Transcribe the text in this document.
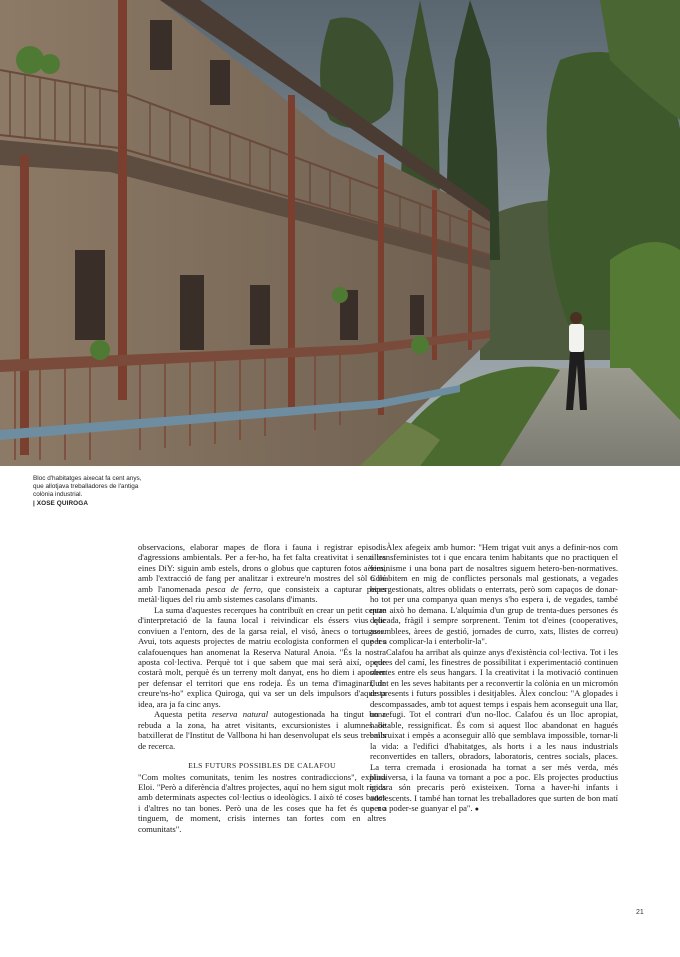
Bloc d'habitatges aixecat fa cent anys, que allotjava treballadores de l'antiga colònia industrial.
| XOSE QUIROGA

observacions, elaborar mapes de flora i fauna i registrar episodis d'agressions ambientals. Per a fer-ho, ha fet falta creativitat i senzilles eines DiY: siguin amb estels, drons o globus que capturen fotos aèries, amb l'extracció de fang per analitzar i extreure'n mostres del sòl o bé amb l'anomenada pesca de ferro, que consisteix a capturar peces metàl·liques del riu amb sistemes casolans d'imants.

La suma d'aquestes recerques ha contribuït en crear un petit centre d'interpretació de la fauna local i reivindicar els éssers vius que conviuen a l'entorn, des de la garsa reial, el visó, ànecs o tortugues. Avui, tots aquests projectes de matriu ecologista conformen el que les calafouenques han anomenat la Reserva Natural Anoia. "És la nostra aposta col·lectiva. Perquè tot i que sabem que mai serà així, o que costarà molt, perquè és un terreny molt danyat, ens ho diem i apostem per defensar el territori que ens rodeja. És un tema d'imaginari, de creure'ns-ho" explica Quiroga, qui va ser un dels impulsors d'aquesta idea, ara ja fa cinc anys.

Aquesta petita reserva natural autogestionada ha tingut bona rebuda a la zona, ha atret visitants, excursionistes i alumnes de batxillerat de l'Institut de Vallbona hi han desenvolupat els seus treballs de recerca.

ELS FUTURS POSSIBLES DE CALAFOU

"Com moltes comunitats, tenim les nostres contradiccions", explica Eloi. "Però a diferència d'altres projectes, aquí no hem sigut molt rígids amb determinats aspectes col·lectius o ideològics. I això té coses bones i d'altres no tan bones. Però una de les coses que ha fet és que no tinguem, de moment, crisis internes tan fortes com en altres comunitats".

Àlex afegeix amb humor: "Hem trigat vuit anys a definir-nos com a transfeministes tot i que encara tenim habitants que no practiquen el feminisme i una bona part de nosaltres siguem hetero-ben-normatives. Cohabitem en mig de conflictes personals mal gestionats, a vegades hipergestionats, altres oblidats o enterrats, però som capaços de donar-ho tot per una companya quan menys s'ho espera i, de vegades, també quan això ho demana. L'alquímia d'un grup de trenta-dues persones és delicada, fràgil i sempre sorprenent. Tenim tot d'eines (cooperatives, assemblees, àrees de gestió, jornades de curro, xats, llistes de correu) per a complicar-la i enterbolir-la".

Calafou ha arribat als quinze anys d'existència col·lectiva. Tot i les pedres del camí, les finestres de possibilitat i experimentació continuen obertes entre els seus hangars. I la creativitat i la motivació continuen fluint en les seves habitants per a reconvertir la colònia en un micromón de presents i futurs possibles i desitjables. Àlex conclou: "A glopades i descompassades, amb tot aquest temps i espais hem aconseguit una llar, un refugi. Tot el contrari d'un no-lloc. Calafou és un lloc apropiat, habitable, ressignificat. És com si aquest lloc abandonat en hagués embruixat i empès a aconseguir allò que semblava impossible, tornar-li la vida: a l'edifici d'habitatges, als horts i a les naus industrials reconvertides en tallers, obradors, laboratoris, centres socials, places. La terra cremada i erosionada ha tornat a ser més verda, més biodiversa, i la fauna va tornant a poc a poc. Els projectes productius encara són precaris però existeixen. Torna a haver-hi infants i adolescents. I també han tornat les treballadores que surten de bon matí per a poder-se guanyar el pa". ●

21
